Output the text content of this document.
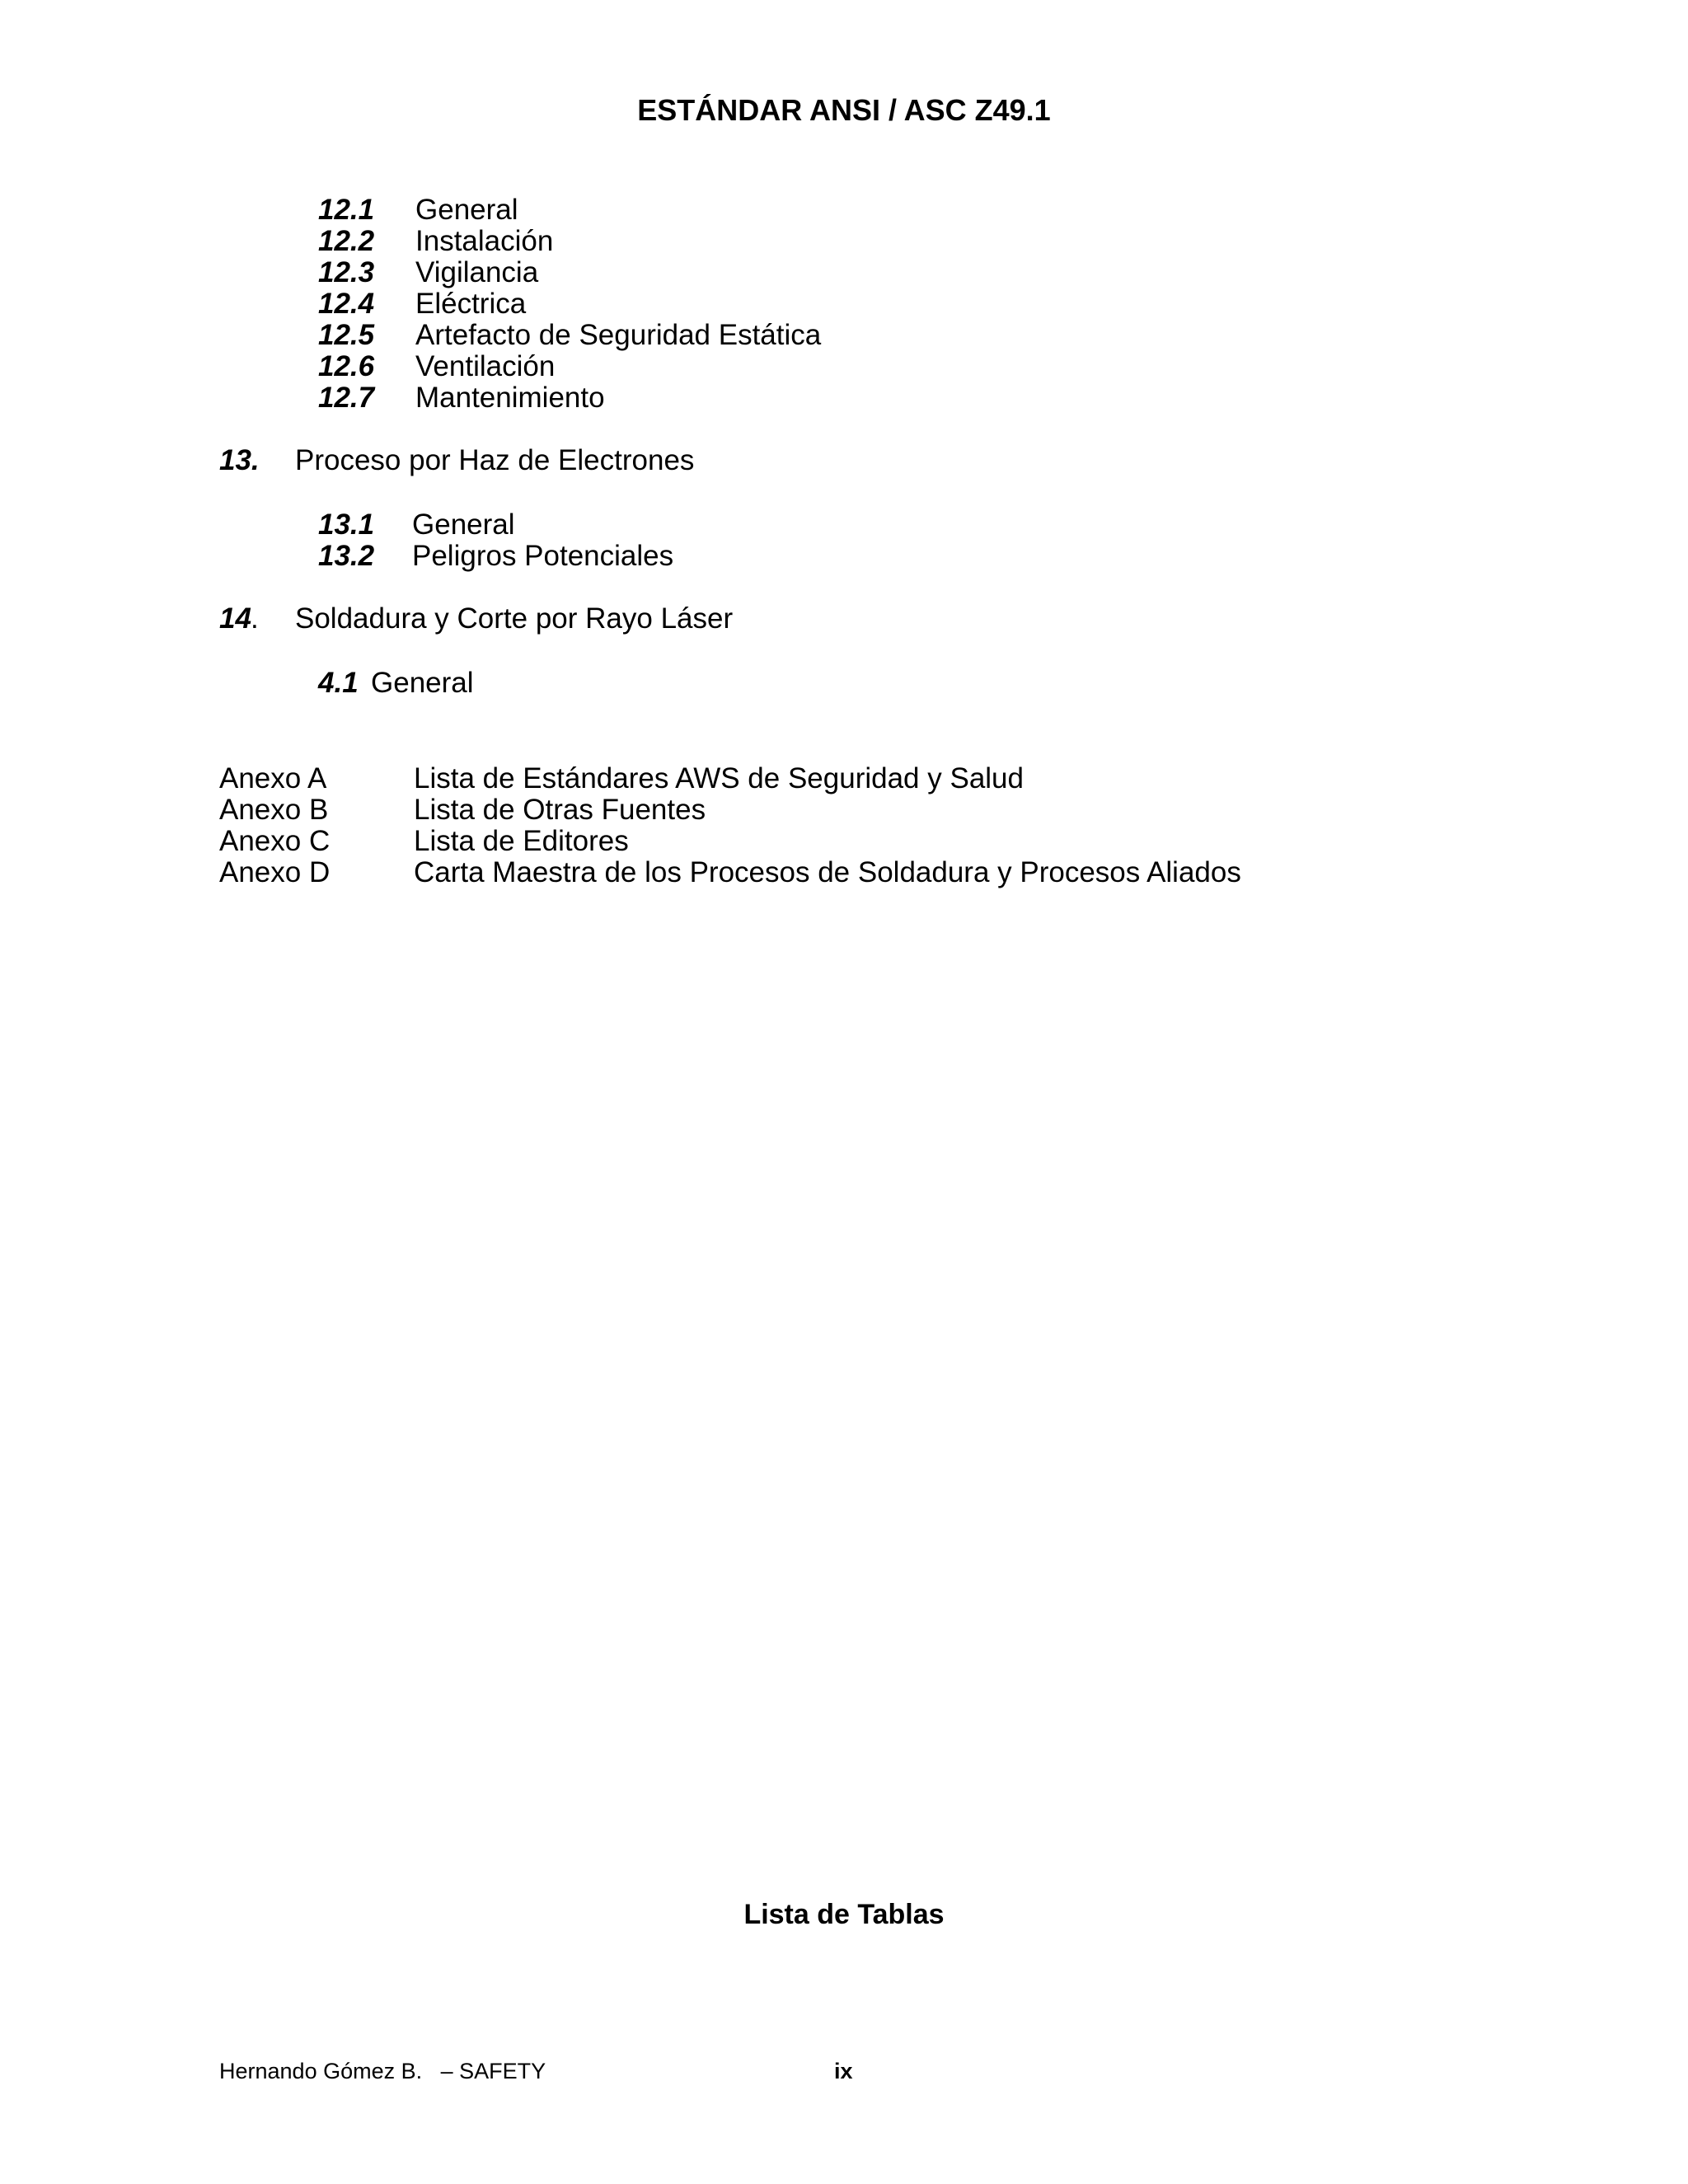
ESTÁNDAR ANSI / ASC Z49.1
12.1 General
12.2 Instalación
12.3 Vigilancia
12.4 Eléctrica
12.5 Artefacto de Seguridad Estática
12.6 Ventilación
12.7 Mantenimiento
13. Proceso por Haz de Electrones
13.1 General
13.2 Peligros Potenciales
14 . Soldadura y Corte por Rayo Láser
4.1 General
Anexo A	Lista de Estándares AWS de Seguridad y Salud
Anexo B	Lista de Otras Fuentes
Anexo C	Lista de Editores
Anexo D	Carta Maestra de los Procesos de Soldadura y Procesos Aliados
Lista de Tablas
Hernando Gómez B.   – SAFETY	ix
